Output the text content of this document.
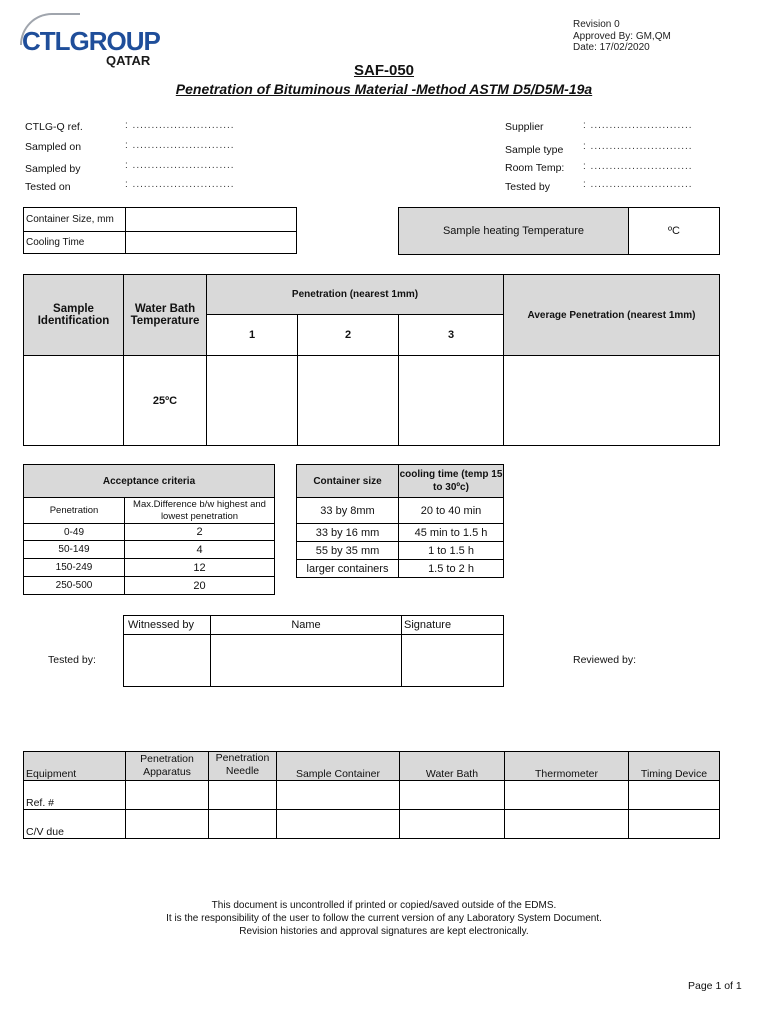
CTLGROUP
QATAR
Revision 0
Approved By: GM,QM
Date: 17/02/2020
SAF-050
Penetration of Bituminous Material -Method ASTM D5/D5M-19a
CTLG-Q ref.	: ...........................
Sampled on	: ...........................
Sampled by	: ...........................
Tested on	: ...........................
Supplier	: ...........................
Sample type : ...........................
Room Temp: : ...........................
Tested by	: ...........................
Container Size, mm	
Cooling Time	
Sample heating Temperature	ºC
Sample Identification	Water Bath Temperature	Penetration (nearest 1mm)			Average Penetration (nearest 1mm)
		1	2	3	
	25ºC				
Acceptance criteria	
Penetration	Max.Difference b/w highest and lowest penetration
0-49	2
50-149	4
150-249	12
250-500	20
Container size	cooling time (temp 15 to 30ºc)
33 by 8mm	20 to 40 min
33 by 16 mm	45 min to 1.5 h
55 by 35 mm	1 to 1.5 h
larger containers	1.5 to 2 h
Tested by:	Reviewed by:
Witnessed by	Name	Signature

Equipment	Penetration Apparatus	Penetration Needle	Sample Container	Water Bath	Thermometer	Timing Device
Ref. #						
C/V due						
This document is uncontrolled if printed or copied/saved outside of the EDMS.
It is the responsibility of the user to follow the current version of any Laboratory System Document.
Revision histories and approval signatures are kept electronically.
Page 1 of 1
